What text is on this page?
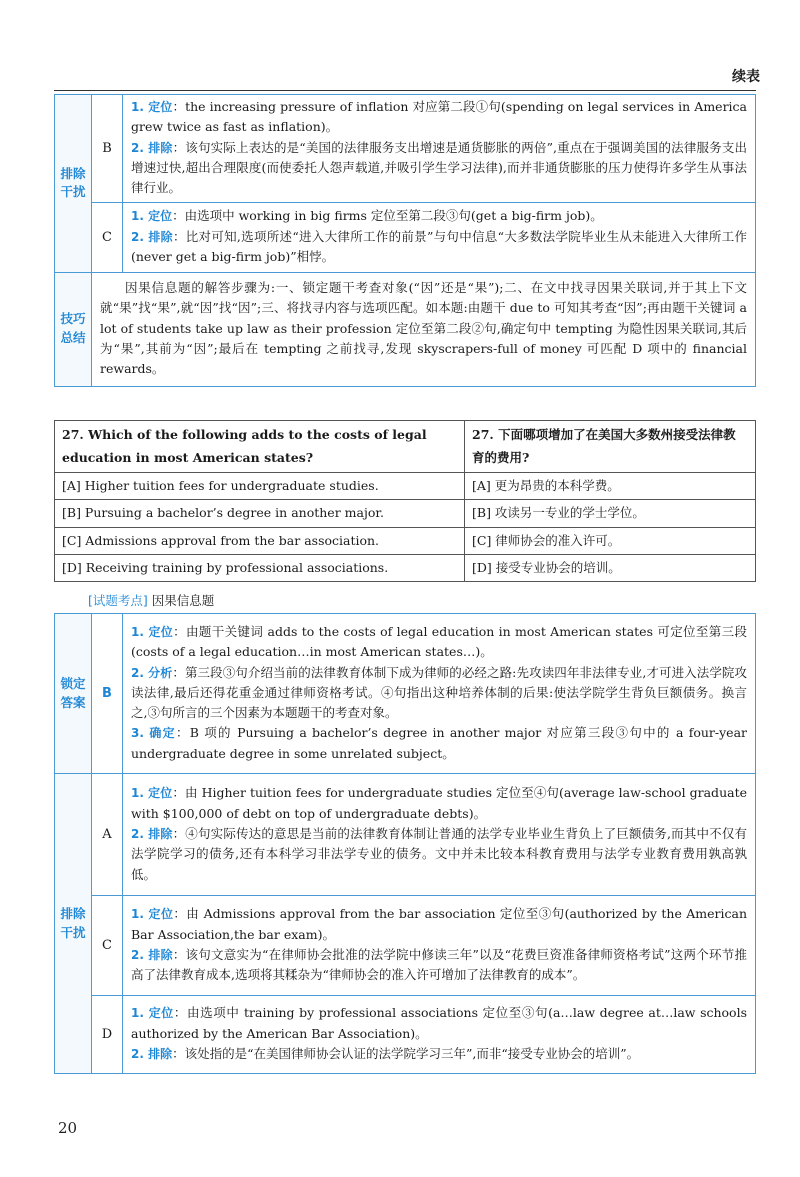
续表
排除干扰	B	1. 定位：the increasing pressure of inflation 对应第二段①句(spending on legal services in America grew twice as fast as inflation)。
2. 排除：该句实际上表达的是“美国的法律服务支出增速是通货膨胀的两倍”,重点在于强调美国的法律服务支出增速过快,超出合理限度(而使委托人怨声载道,并吸引学生学习法律),而并非通货膨胀的压力使得许多学生从事法律行业。

	C	1. 定位：由选项中 working in big firms 定位至第二段③句(get a big-firm job)。
2. 排除：比对可知,选项所述“进入大律所工作的前景”与句中信息“大多数法学院毕业生从未能进入大律所工作(never get a big-firm job)”相悖。

技巧总结	因果信息题的解答步骤为:一、锁定题干考查对象(“因”还是“果”);二、在文中找寻因果关联词,并于其上下文就“果”找“果”,就“因”找“因”;三、将找寻内容与选项匹配。如本题:由题干 due to 可知其考查“因”;再由题干关键词 a lot of students take up law as their profession 定位至第二段②句,确定句中 tempting 为隐性因果关联词,其后为“果”,其前为“因”;最后在 tempting 之前找寻,发现 skyscrapers-full of money 可匹配 D 项中的 financial rewards。	
27. Which of the following adds to the costs of legal education in most American states?	27. 下面哪项增加了在美国大多数州接受法律教育的费用?
[A] Higher tuition fees for undergraduate studies.	[A] 更为昂贵的本科学费。
[B] Pursuing a bachelor’s degree in another major.	[B] 攻读另一专业的学士学位。
[C] Admissions approval from the bar association.	[C] 律师协会的准入许可。
[D] Receiving training by professional associations.	[D] 接受专业协会的培训。
[试题考点] 因果信息题
锁定答案	B	1. 定位：由题干关键词 adds to the costs of legal education in most American states 可定位至第三段(costs of a legal education…in most American states…)。
2. 分析：第三段③句介绍当前的法律教育体制下成为律师的必经之路:先攻读四年非法律专业,才可进入法学院攻读法律,最后还得花重金通过律师资格考试。④句指出这种培养体制的后果:使法学院学生背负巨额债务。换言之,③句所言的三个因素为本题题干的考查对象。
3. 确定：B 项的 Pursuing a bachelor’s degree in another major 对应第三段③句中的 a four-year undergraduate degree in some unrelated subject。

排除干扰	A	1. 定位：由 Higher tuition fees for undergraduate studies 定位至④句(average law-school graduate with $100,000 of debt on top of undergraduate debts)。
2. 排除：④句实际传达的意思是当前的法律教育体制让普通的法学专业毕业生背负上了巨额债务,而其中不仅有法学院学习的债务,还有本科学习非法学专业的债务。文中并未比较本科教育费用与法学专业教育费用孰高孰低。

	C	1. 定位：由 Admissions approval from the bar association 定位至③句(authorized by the American Bar Association,the bar exam)。
2. 排除：该句文意实为“在律师协会批准的法学院中修读三年”以及“花费巨资准备律师资格考试”这两个环节推高了法律教育成本,选项将其糅杂为“律师协会的准入许可增加了法律教育的成本”。

	D	1. 定位：由选项中 training by professional associations 定位至③句(a…law degree at…law schools authorized by the American Bar Association)。
2. 排除：该处指的是“在美国律师协会认证的法学院学习三年”,而非“接受专业协会的培训”。
20
